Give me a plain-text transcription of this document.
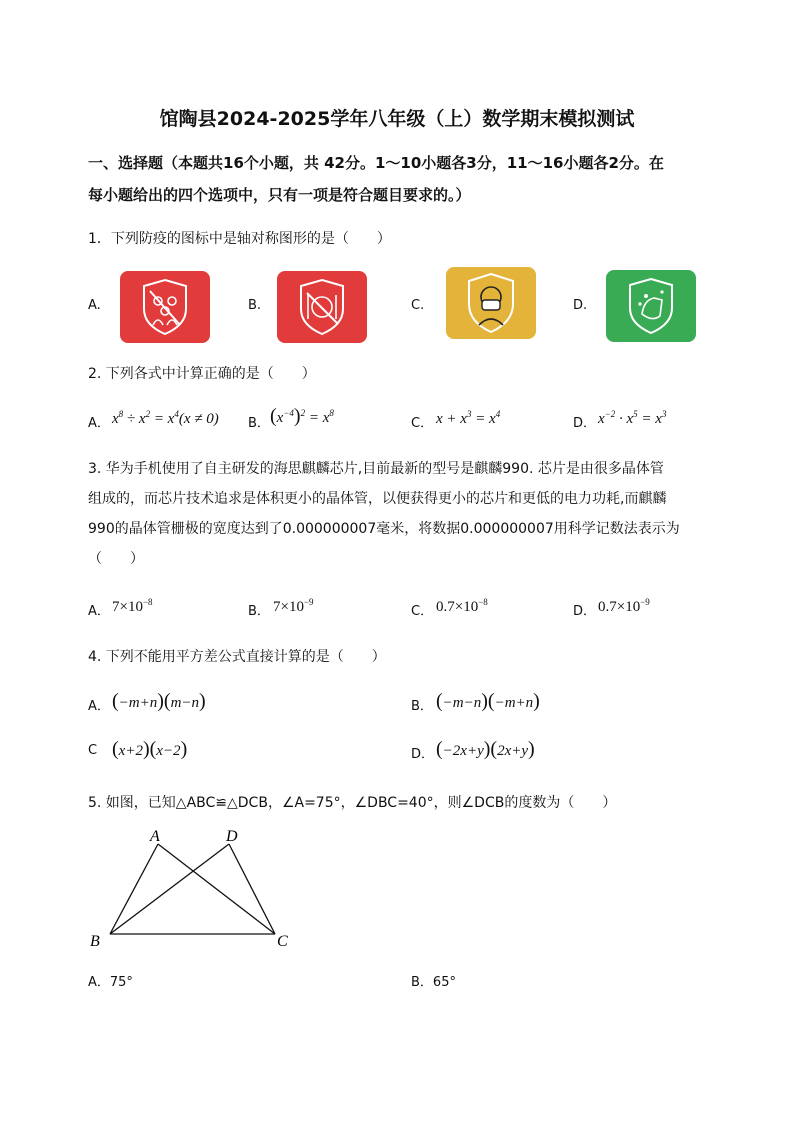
馆陶县2024-2025学年八年级（上）数学期末模拟测试
一、选择题（本题共16个小题，共 42分。1～10小题各3分，11～16小题各2分。在
每小题给出的四个选项中，只有一项是符合题目要求的。）
1．下列防疫的图标中是轴对称图形的是（　　）
A.	B.	C.	D.
2. 下列各式中计算正确的是（　　）
A． $x^8 \div x^2 = x^4(x \ne 0)$ B． $(x^{-4})^2 = x^8$
C． $x + x^3 = x^4$
D． $x^{-2} \cdot x^5 = x^3$
3. 华为手机使用了自主研发的海思麒麟芯片,目前最新的型号是麒麟990. 芯片是由很多晶体管
组成的，而芯片技术追求是体积更小的晶体管，以便获得更小的芯片和更低的电力功耗,而麒麟
990的晶体管栅极的宽度达到了0.000000007毫米，将数据0.000000007用科学记数法表示为
（　　）
A． $7\times 10^{-8}$
B． $7\times 10^{-9}$
C． $0.7\times 10^{-8}$
D． $0.7\times 10^{-9}$
4. 下列不能用平方差公式直接计算的是（　　）
A． (−m+n)(m−n)	B． (−m−n)(−m+n)
C (x+2)(x−2)	D． (−2x+y)(2x+y)
5. 如图，已知△ABC≌△DCB，∠A=75°，∠DBC=40°，则∠DCB的度数为（　　）
A	D
B	C
A．75°	B．65°
